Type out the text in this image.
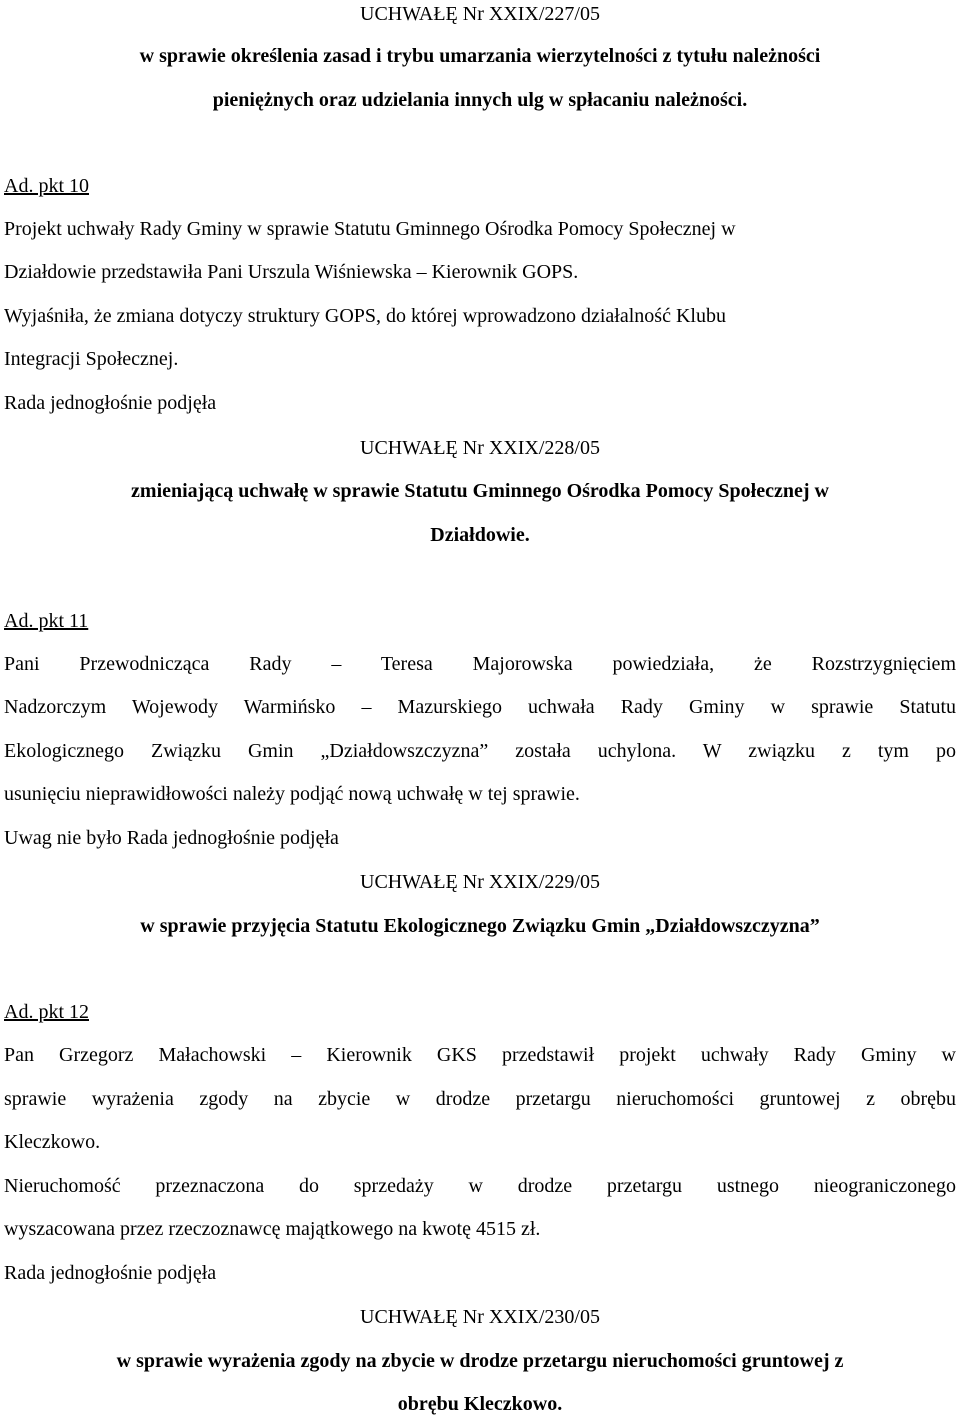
UCHWAŁĘ Nr XXIX/227/05
w sprawie określenia zasad i trybu umarzania wierzytelności z tytułu należności
pieniężnych oraz udzielania innych ulg w spłacaniu należności.
Ad. pkt 10
Projekt uchwały Rady Gminy w sprawie Statutu Gminnego Ośrodka Pomocy Społecznej w
Działdowie przedstawiła Pani Urszula Wiśniewska – Kierownik GOPS.
Wyjaśniła, że zmiana dotyczy struktury GOPS, do której wprowadzono działalność Klubu
Integracji Społecznej.
Rada jednogłośnie podjęła
UCHWAŁĘ Nr XXIX/228/05
zmieniającą uchwałę w sprawie Statutu Gminnego Ośrodka Pomocy Społecznej w
Działdowie.
Ad. pkt 11
Pani Przewodnicząca Rady – Teresa Majorowska powiedziała, że Rozstrzygnięciem
Nadzorczym Wojewody Warmińsko – Mazurskiego uchwała Rady Gminy w sprawie Statutu
Ekologicznego Związku Gmin „Działdowszczyzna” została uchylona. W związku z tym po
usunięciu nieprawidłowości należy podjąć nową uchwałę w tej sprawie.
Uwag nie było Rada jednogłośnie podjęła
UCHWAŁĘ Nr XXIX/229/05
w sprawie przyjęcia Statutu Ekologicznego Związku Gmin „Działdowszczyzna”
Ad. pkt 12
Pan Grzegorz Małachowski – Kierownik GKS przedstawił projekt uchwały Rady Gminy w
sprawie wyrażenia zgody na zbycie w drodze przetargu nieruchomości gruntowej z obrębu
Kleczkowo.
Nieruchomość przeznaczona do sprzedaży w drodze przetargu ustnego nieograniczonego
wyszacowana przez rzeczoznawcę majątkowego na kwotę 4515 zł.
Rada jednogłośnie podjęła
UCHWAŁĘ Nr XXIX/230/05
w sprawie wyrażenia zgody na zbycie w drodze przetargu nieruchomości gruntowej z
obrębu Kleczkowo.
